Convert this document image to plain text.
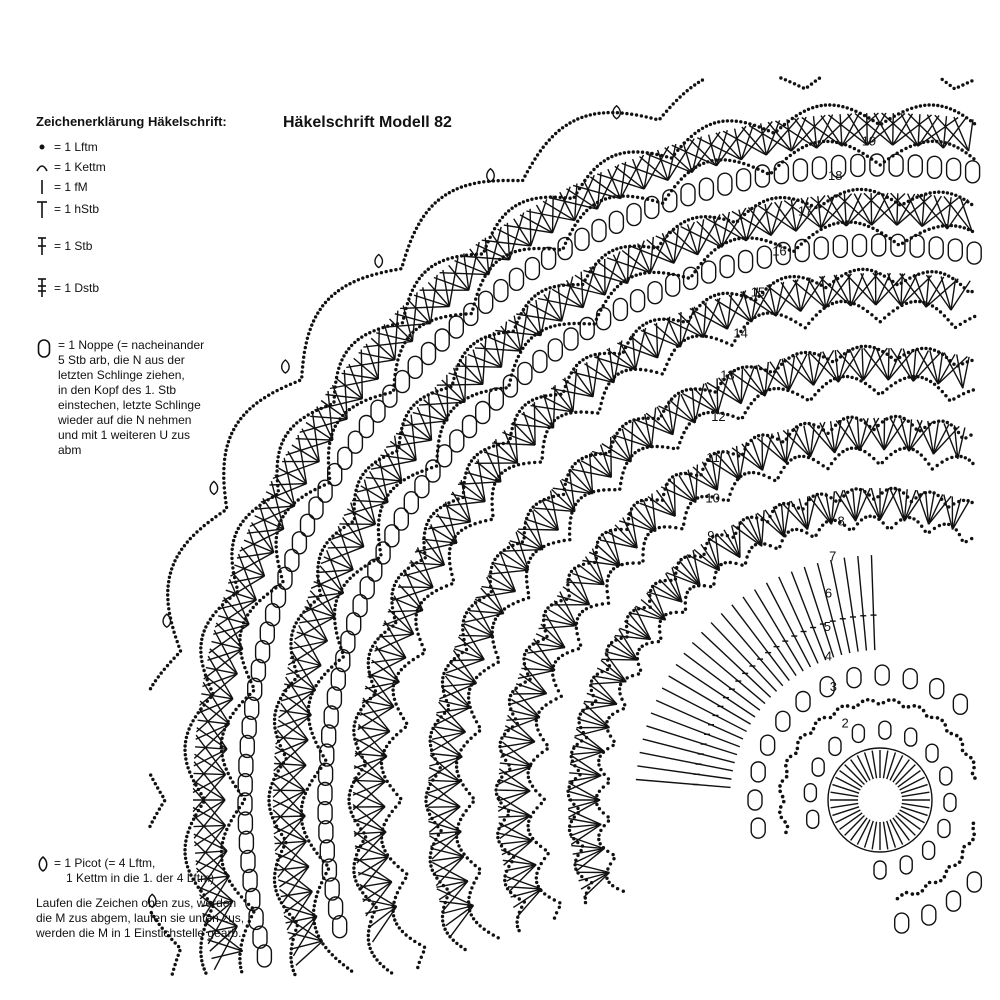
2
3
4
5
6
7
8
9
10
11
12
13
14
15
16
17
18
19
Zeichenerklärung Häkelschrift:	Häkelschrift Modell 82
= 1 Lftm
= 1 Kettm
= 1 fM
= 1 hStb
= 1 Stb
= 1 Dstb
= 1 Noppe (= nacheinander
5 Stb arb, die N aus der
letzten Schlinge ziehen,
in den Kopf des 1. Stb
einstechen, letzte Schlinge
wieder auf die N nehmen
und mit 1 weiteren U zus
abm
= 1 Picot (= 4 Lftm,
1 Kettm in die 1. der 4 Lftm)
Laufen die Zeichen oben zus, werden
die M zus abgem, laufen sie unten zus,
werden die M in 1 Einstichstelle gearb.
